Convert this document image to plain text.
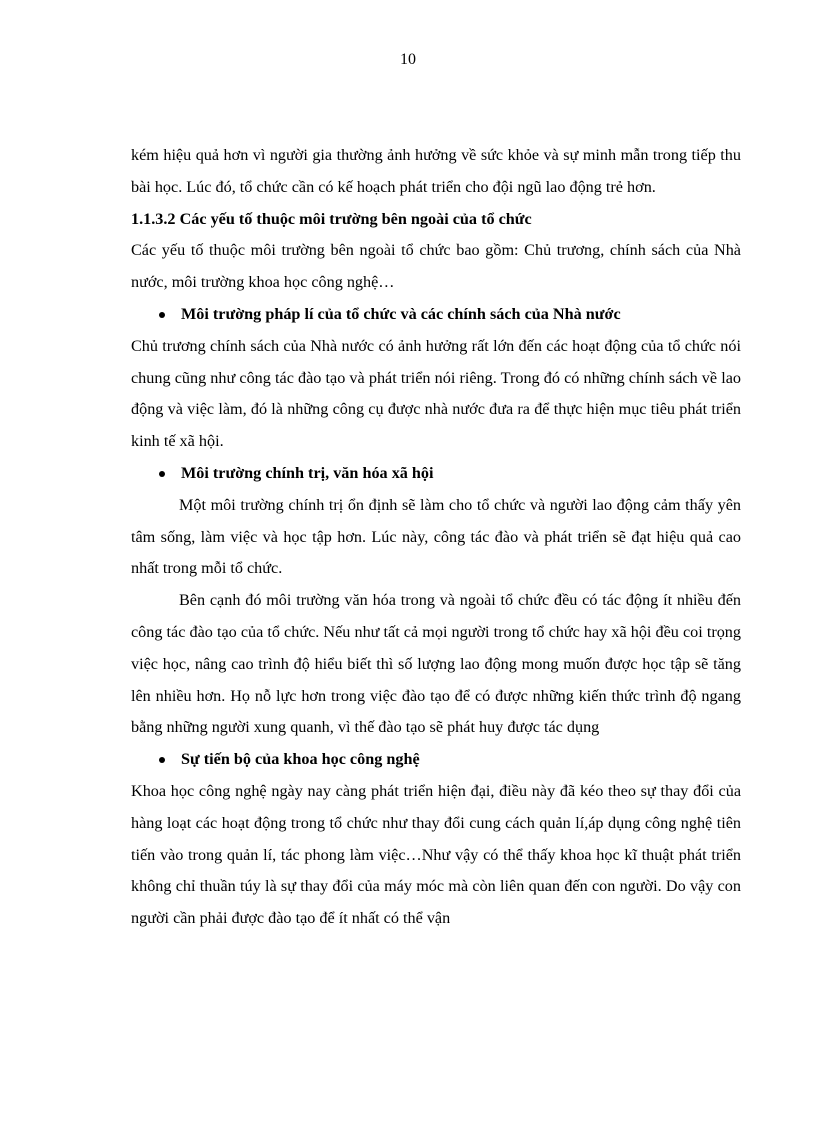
10

kém hiệu quả hơn vì người gia thường ảnh hưởng về sức khỏe và sự minh mẫn trong tiếp thu bài học. Lúc đó, tổ chức cần có kế hoạch phát triển cho đội ngũ lao động trẻ hơn.

1.1.3.2 Các yếu tố thuộc môi trường bên ngoài của tổ chức

Các yếu tố thuộc môi trường bên ngoài tổ chức bao gồm: Chủ trương, chính sách của Nhà nước, môi trường khoa học công nghệ…

Môi trường pháp lí của tổ chức và các chính sách của Nhà nước

Chủ trương chính sách của Nhà nước có ảnh hưởng rất lớn đến các hoạt động của tổ chức nói chung cũng như công tác đào tạo và phát triển nói riêng. Trong đó có những chính sách về lao động và việc làm, đó là những công cụ được nhà nước đưa ra để thực hiện mục tiêu phát triển kinh tế xã hội.

Môi trường chính trị, văn hóa xã hội

Một môi trường chính trị ổn định sẽ làm cho tổ chức và người lao động cảm thấy yên tâm sống, làm việc và học tập hơn. Lúc này, công tác đào và phát triển sẽ đạt hiệu quả cao nhất trong mỗi tổ chức.

Bên cạnh đó môi trường văn hóa trong và ngoài tổ chức đều có tác động ít nhiều đến công tác đào tạo của tổ chức. Nếu như tất cả mọi người trong tổ chức hay xã hội đều coi trọng việc học, nâng cao trình độ hiểu biết thì số lượng lao động mong muốn được học tập sẽ tăng lên nhiều hơn. Họ nỗ lực hơn trong việc đào tạo để có được những kiến thức trình độ ngang bằng những người xung quanh, vì thế đào tạo sẽ phát huy được tác dụng

Sự tiến bộ của khoa học công nghệ

Khoa học công nghệ ngày nay càng phát triển hiện đại, điều này đã kéo theo sự thay đổi của hàng loạt các hoạt động trong tổ chức như thay đổi cung cách quản lí,áp dụng công nghệ tiên tiến vào trong quản lí, tác phong làm việc…Như vậy có thể thấy khoa học kĩ thuật phát triển không chỉ thuần túy là sự thay đổi của máy móc mà còn liên quan đến con người. Do vậy con người cần phải được đào tạo để ít nhất có thể vận
